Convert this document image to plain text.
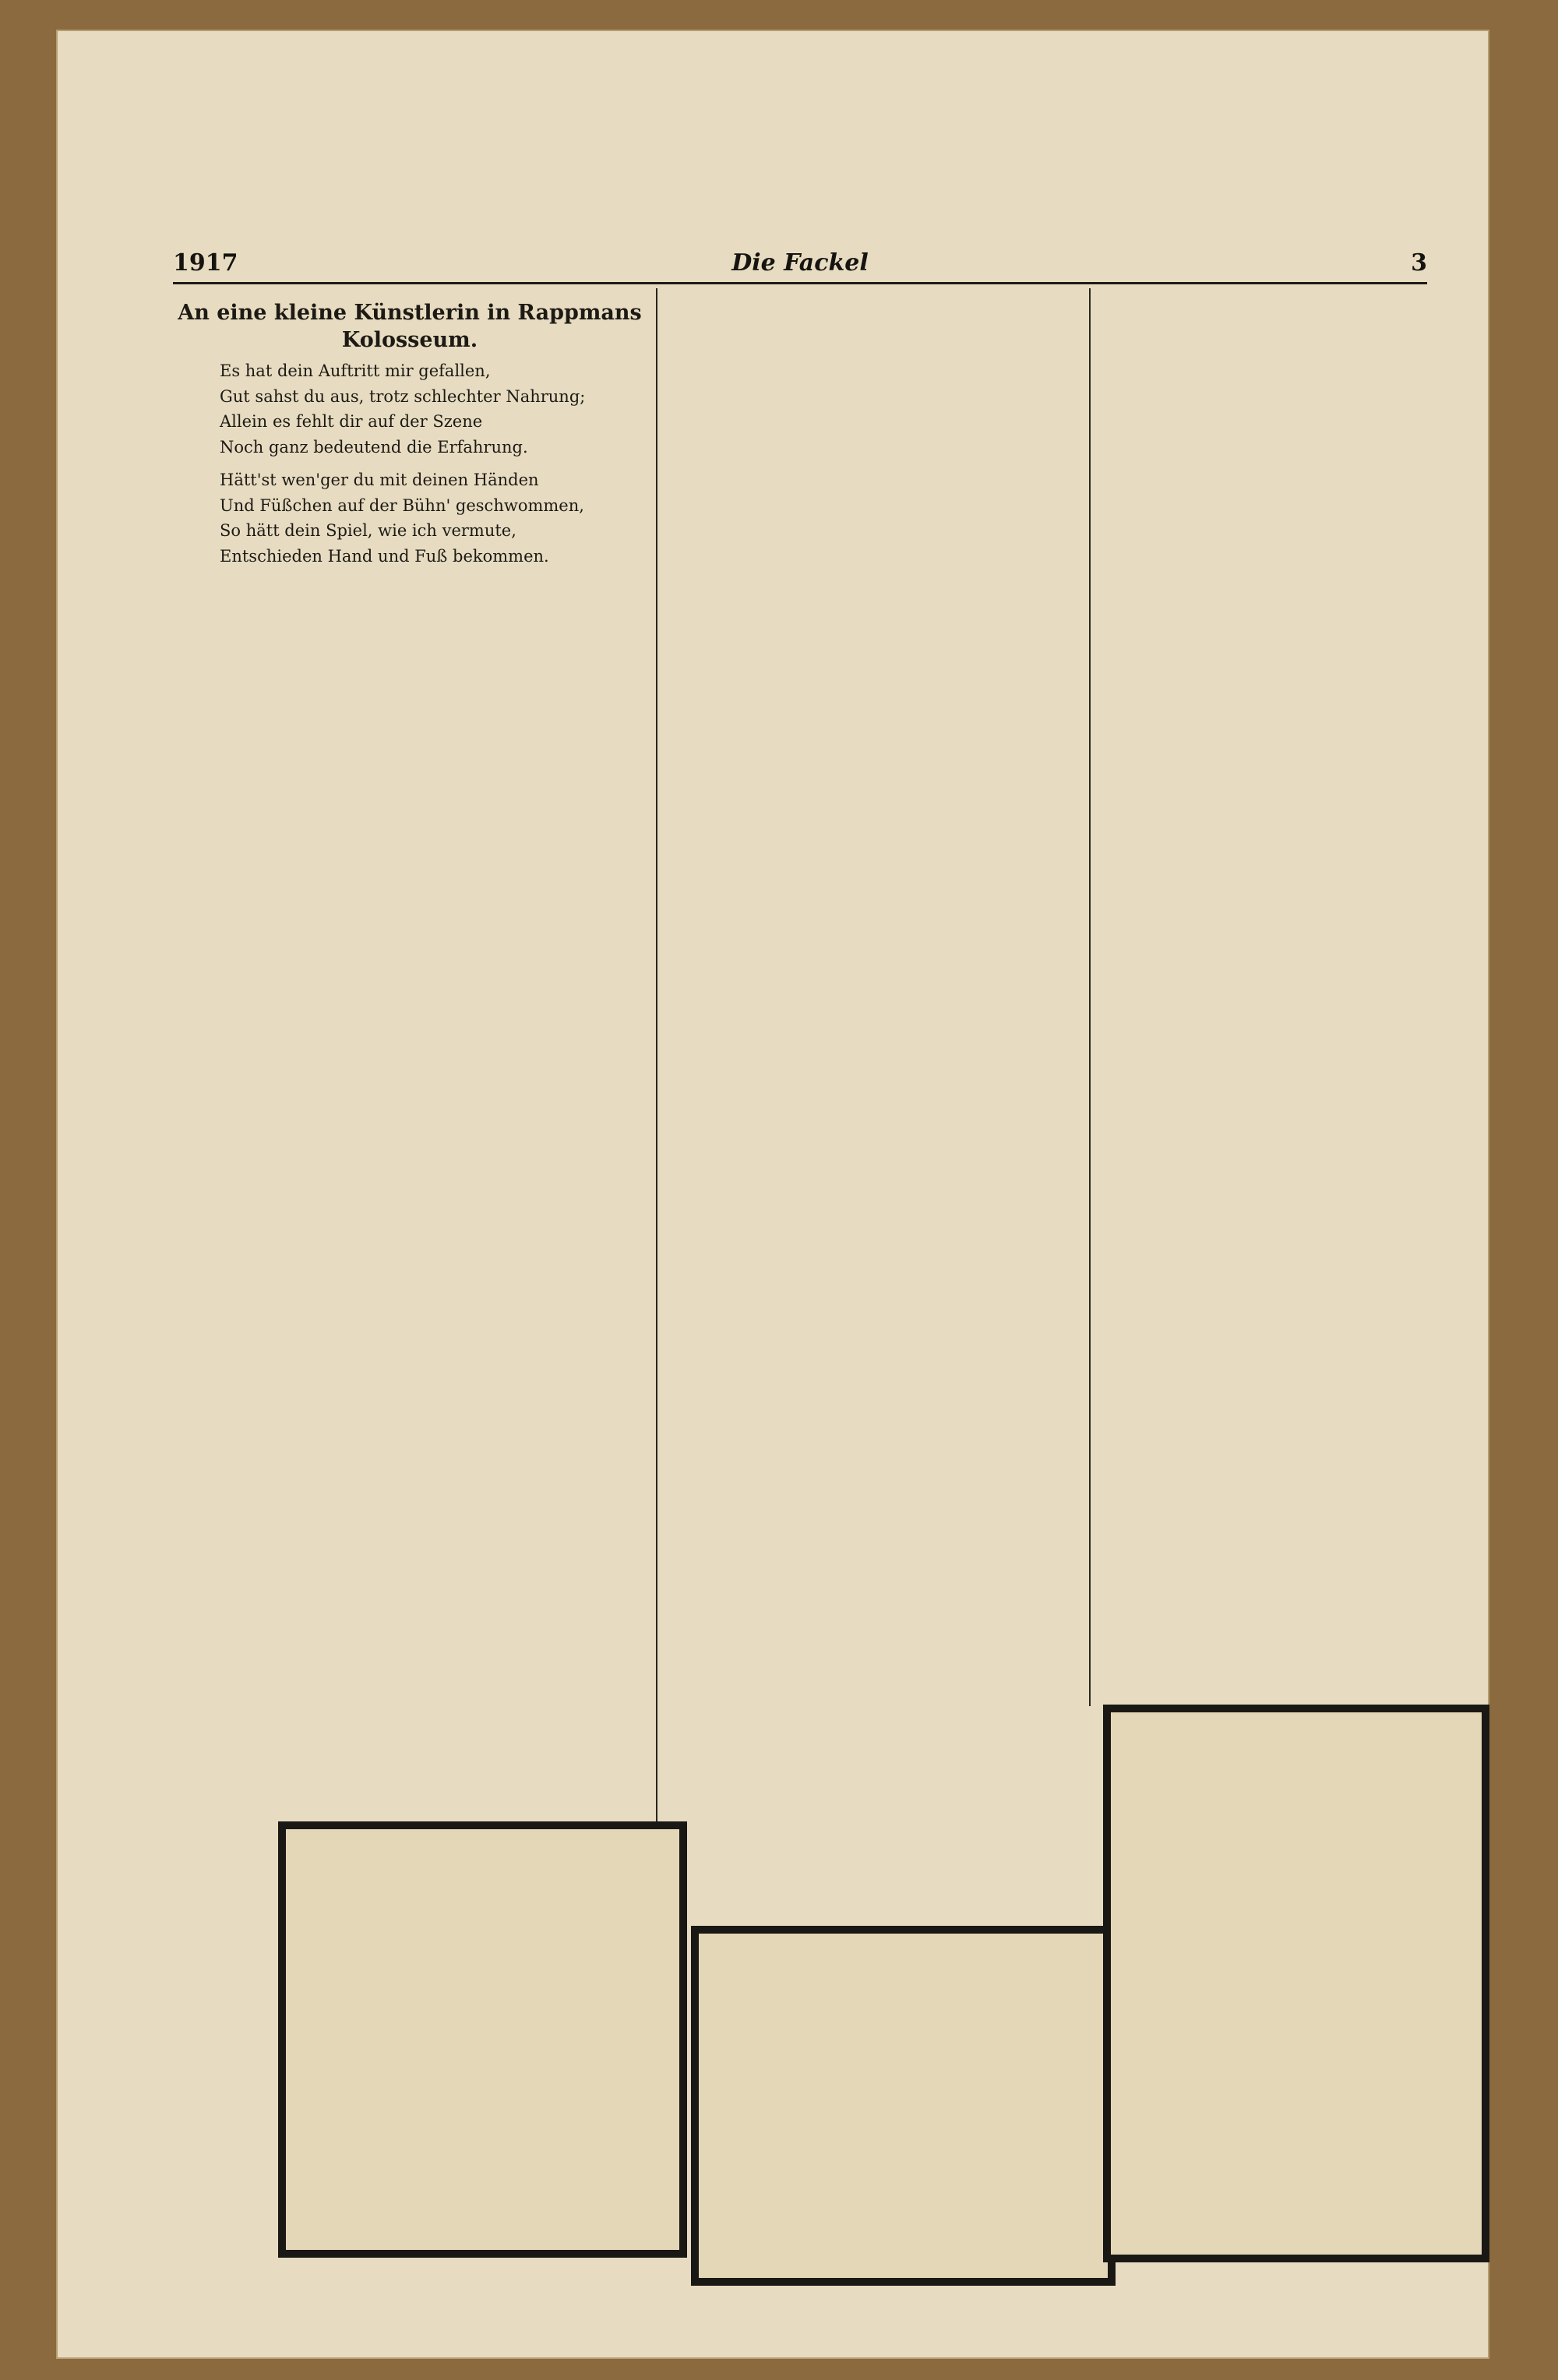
1917	Die Fackel	3
An eine kleine Künstlerin in Rappmans
Kolosseum.

Es hat dein Auftritt mir gefallen,

Gut sahst du aus, trotz schlechter Nahrung;

Allein es fehlt dir auf der Szene

Noch ganz bedeutend die Erfahrung.

Hätt'st wen'ger du mit deinen Händen

Und Füßchen auf der Bühn' geschwommen,

So hätt dein Spiel, wie ich vermute,

Entschieden Hand und Fuß bekommen.
